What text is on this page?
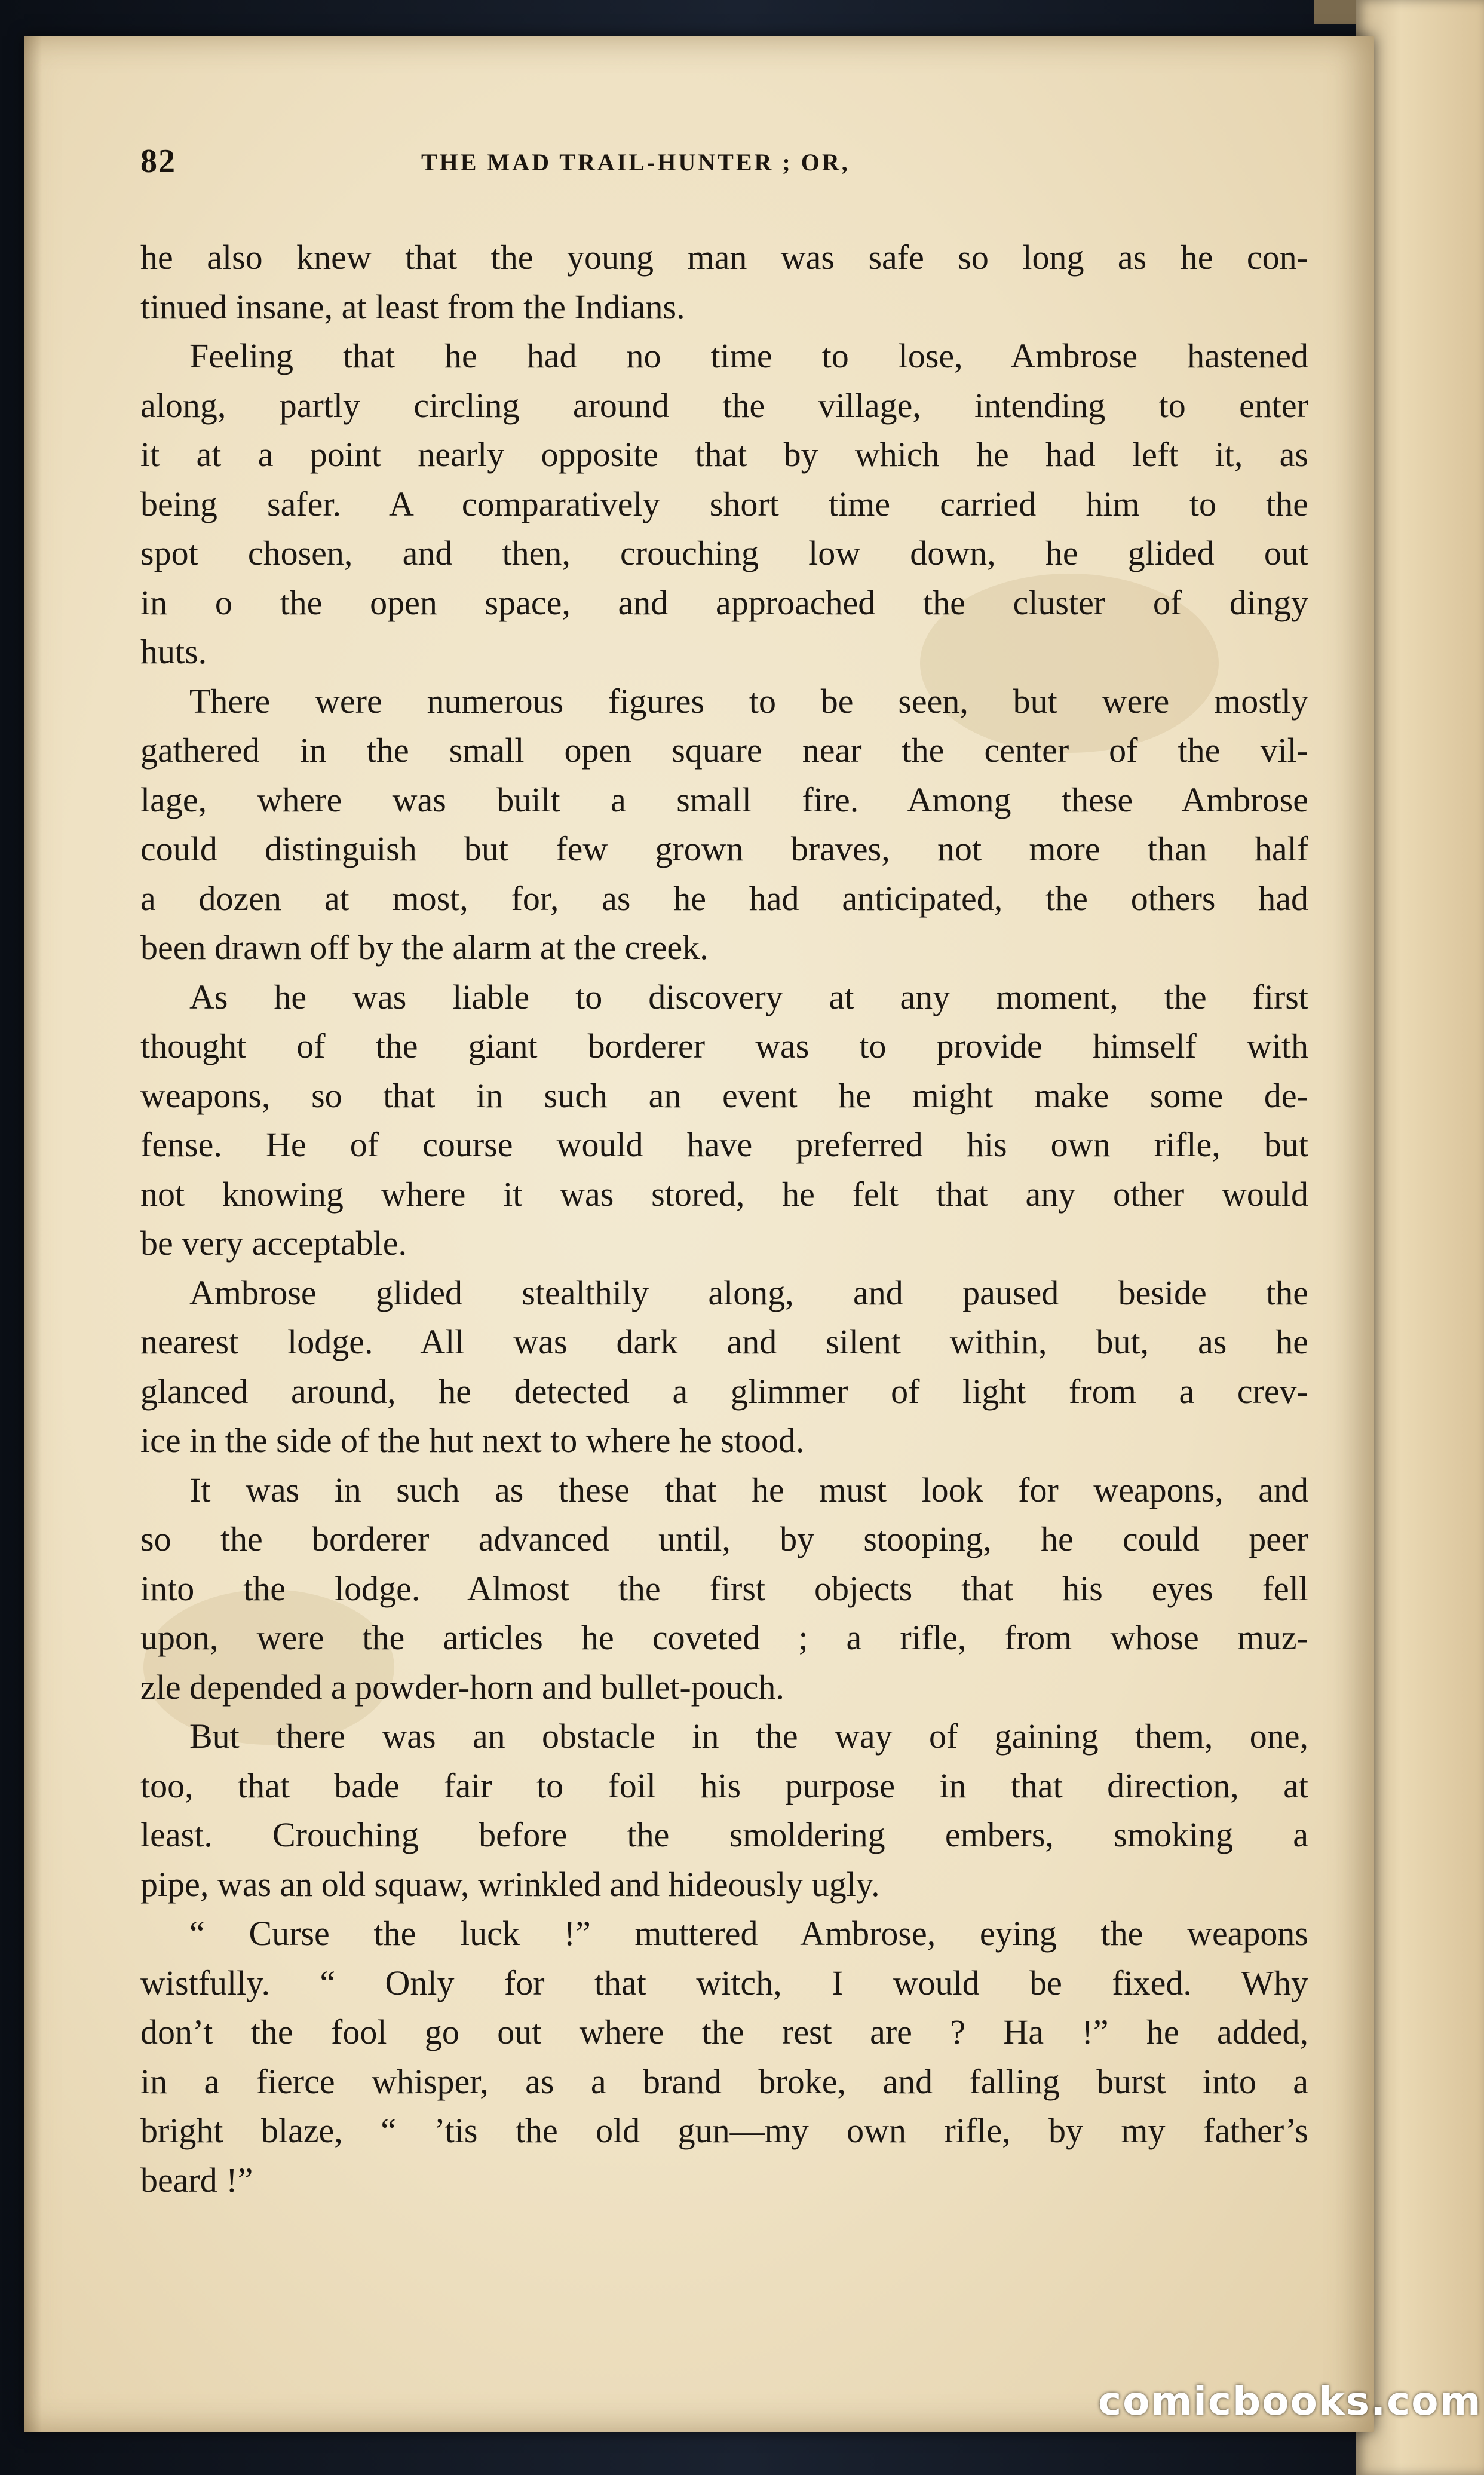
82	THE MAD TRAIL-HUNTER ; OR,
he also knew that the young man was safe so long as he con-
tinued insane, at least from the Indians.
Feeling that he had no time to lose, Ambrose hastened
along, partly circling around the village, intending to enter
it at a point nearly opposite that by which he had left it, as
being safer. A comparatively short time carried him to the
spot chosen, and then, crouching low down, he glided out
in o the open space, and approached the cluster of dingy
huts.
There were numerous figures to be seen, but were mostly
gathered in the small open square near the center of the vil-
lage, where was built a small fire. Among these Ambrose
could distinguish but few grown braves, not more than half
a dozen at most, for, as he had anticipated, the others had
been drawn off by the alarm at the creek.
As he was liable to discovery at any moment, the first
thought of the giant borderer was to provide himself with
weapons, so that in such an event he might make some de-
fense. He of course would have preferred his own rifle, but
not knowing where it was stored, he felt that any other would
be very acceptable.
Ambrose glided stealthily along, and paused beside the
nearest lodge. All was dark and silent within, but, as he
glanced around, he detected a glimmer of light from a crev-
ice in the side of the hut next to where he stood.
It was in such as these that he must look for weapons, and
so the borderer advanced until, by stooping, he could peer
into the lodge. Almost the first objects that his eyes fell
upon, were the articles he coveted ; a rifle, from whose muz-
zle depended a powder-horn and bullet-pouch.
But there was an obstacle in the way of gaining them, one,
too, that bade fair to foil his purpose in that direction, at
least. Crouching before the smoldering embers, smoking a
pipe, was an old squaw, wrinkled and hideously ugly.
“ Curse the luck !” muttered Ambrose, eying the weapons
wistfully. “ Only for that witch, I would be fixed. Why
don’t the fool go out where the rest are ? Ha !” he added,
in a fierce whisper, as a brand broke, and falling burst into a
bright blaze, “ ’tis the old gun—my own rifle, by my father’s
beard !”
comicbooks.com
